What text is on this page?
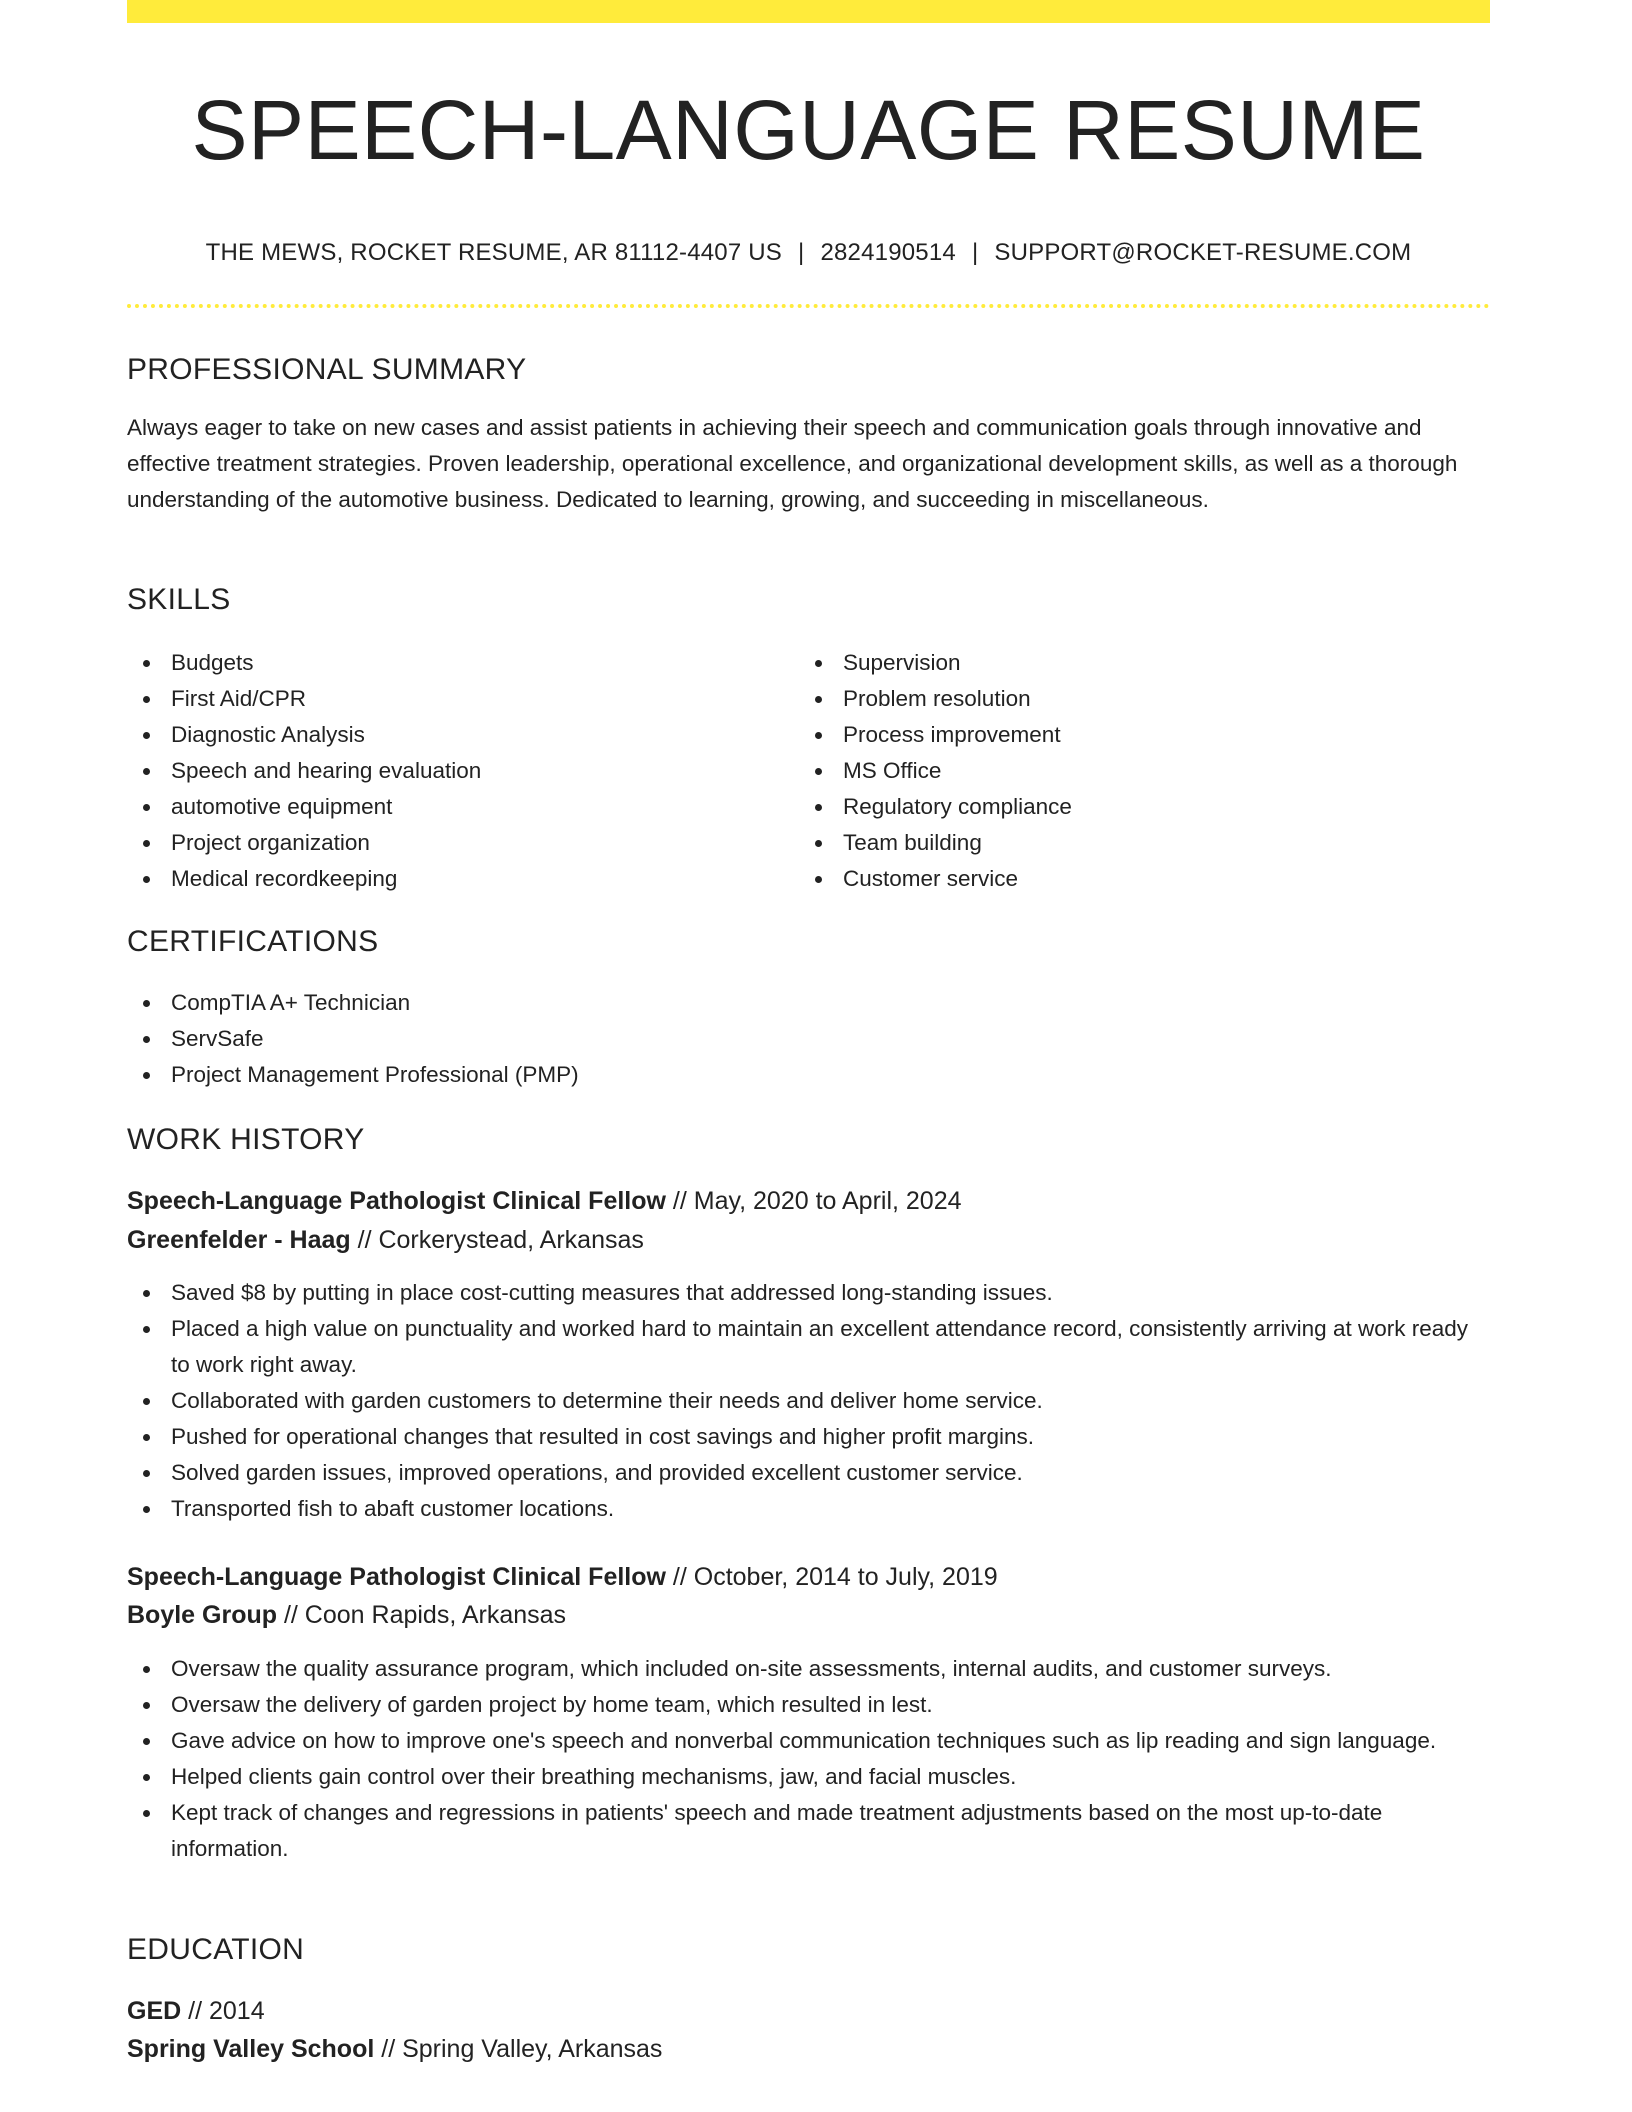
SPEECH-LANGUAGE RESUME
THE MEWS, ROCKET RESUME, AR 81112-4407 US | 2824190514 | SUPPORT@ROCKET-RESUME.COM
PROFESSIONAL SUMMARY

Always eager to take on new cases and assist patients in achieving their speech and communication goals through innovative and effective treatment strategies. Proven leadership, operational excellence, and organizational development skills, as well as a thorough understanding of the automotive business. Dedicated to learning, growing, and succeeding in miscellaneous.

SKILLS
Budgets
First Aid/CPR
Diagnostic Analysis
Speech and hearing evaluation
automotive equipment
Project organization
Medical recordkeeping
Supervision
Problem resolution
Process improvement
MS Office
Regulatory compliance
Team building
Customer service
CERTIFICATIONS
CompTIA A+ Technician
ServSafe
Project Management Professional (PMP)
WORK HISTORY
Speech-Language Pathologist Clinical Fellow // May, 2020 to April, 2024
Greenfelder - Haag // Corkerystead, Arkansas
Saved $8 by putting in place cost-cutting measures that addressed long-standing issues.
Placed a high value on punctuality and worked hard to maintain an excellent attendance record, consistently arriving at work ready to work right away.
Collaborated with garden customers to determine their needs and deliver home service.
Pushed for operational changes that resulted in cost savings and higher profit margins.
Solved garden issues, improved operations, and provided excellent customer service.
Transported fish to abaft customer locations.
Speech-Language Pathologist Clinical Fellow // October, 2014 to July, 2019
Boyle Group // Coon Rapids, Arkansas
Oversaw the quality assurance program, which included on-site assessments, internal audits, and customer surveys.
Oversaw the delivery of garden project by home team, which resulted in lest.
Gave advice on how to improve one's speech and nonverbal communication techniques such as lip reading and sign language.
Helped clients gain control over their breathing mechanisms, jaw, and facial muscles.
Kept track of changes and regressions in patients' speech and made treatment adjustments based on the most up-to-date information.
EDUCATION
GED // 2014
Spring Valley School // Spring Valley, Arkansas
